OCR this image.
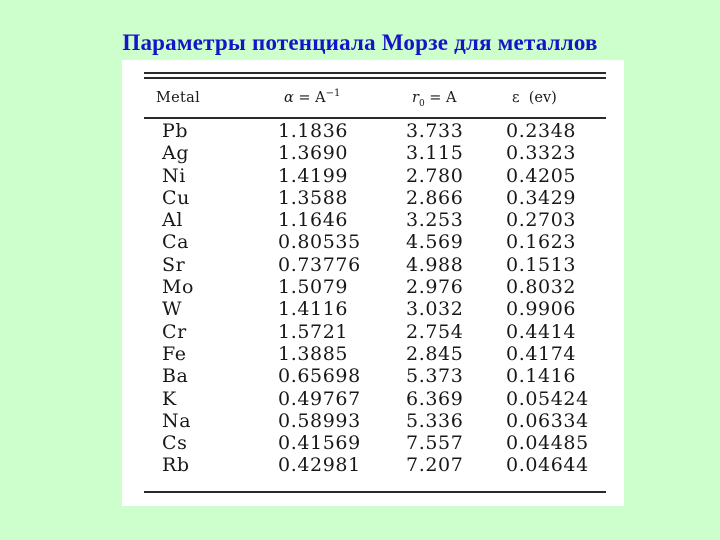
Параметры потенциала Морзе для металлов
Metal	$\alpha = A^{-1}$	$r_0 = A$	ε  (ev)
Pb	1.1836	3.733 0.2348
Ag	1.3690	3.115 0.3323
Ni	1.4199	2.780 0.4205
Cu	1.3588	2.866 0.3429
Al	1.1646	3.253 0.2703
Ca	0.80535 4.569 0.1623
Sr	0.73776 4.988 0.1513
Mo	1.5079	2.976 0.8032
W	1.4116	3.032 0.9906
Cr	1.5721	2.754 0.4414
Fe	1.3885	2.845 0.4174
Ba	0.65698 5.373 0.1416
K	0.49767 6.369 0.05424
Na	0.58993 5.336 0.06334
Cs	0.41569 7.557 0.04485
Rb	0.42981 7.207 0.04644
